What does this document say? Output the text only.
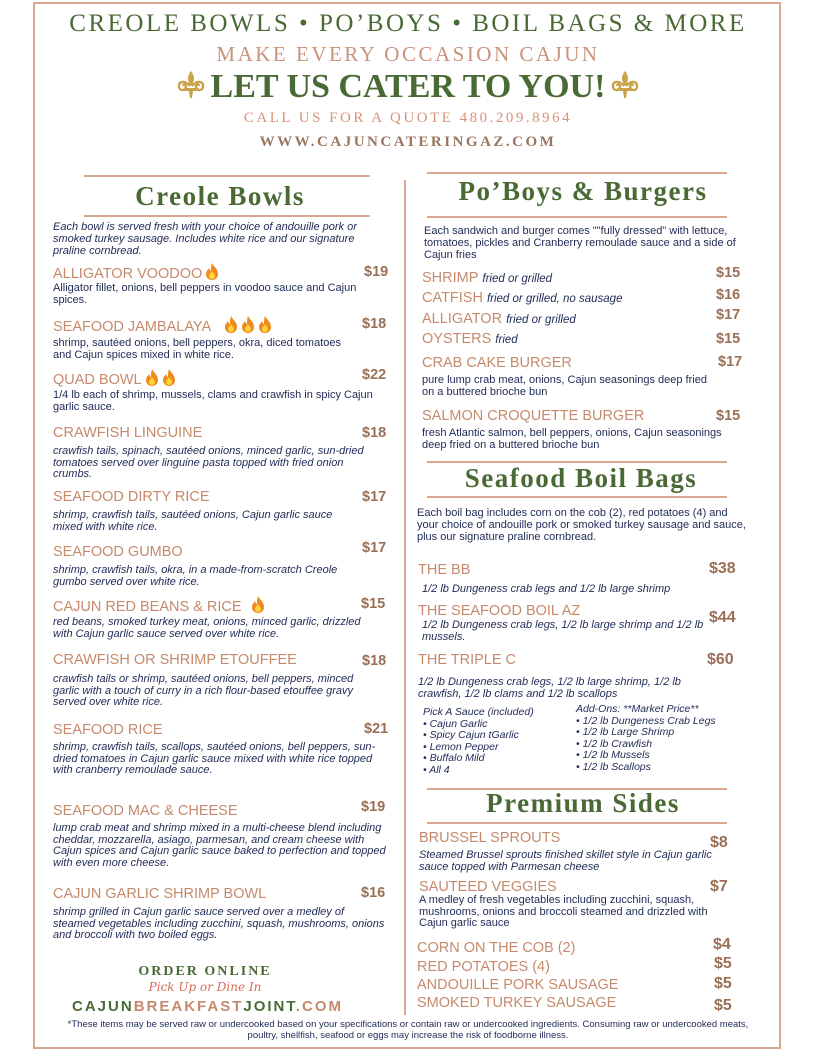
CREOLE BOWLS • PO’BOYS • BOIL BAGS & MORE
MAKE EVERY OCCASION CAJUN
LET US CATER TO YOU!
CALL US FOR A QUOTE 480.209.8964
WWW.CAJUNCATERINGAZ.COM
Creole Bowls
Each bowl is served fresh with your choice of andouille pork or smoked turkey sausage. Includes white rice and our signature praline cornbread.
ALLIGATOR VOODOO	$19
Alligator fillet, onions, bell peppers in voodoo sauce and Cajun spices.
SEAFOOD JAMBALAYA	$18
shrimp, sautéed onions, bell peppers, okra, diced tomatoes and Cajun spices mixed in white rice.
QUAD BOWL	$22
1/4 lb each of shrimp, mussels, clams and crawfish in spicy Cajun garlic sauce.
CRAWFISH LINGUINE	$18
crawfish tails, spinach, sautéed onions, minced garlic, sun-dried tomatoes served over linguine pasta topped with fried onion crumbs.
SEAFOOD DIRTY RICE	$17
shrimp, crawfish tails, sautéed onions, Cajun garlic sauce mixed with white rice.
SEAFOOD GUMBO	$17
shrimp, crawfish tails, okra, in a made-from-scratch Creole gumbo served over white rice.
CAJUN RED BEANS & RICE	$15
red beans, smoked turkey meat, onions, minced garlic, drizzled with Cajun garlic sauce served over white rice.
CRAWFISH OR SHRIMP ETOUFFEE	$18
crawfish tails or shrimp, sautéed onions, bell peppers, minced garlic with a touch of curry in a rich flour-based etouffee gravy served over white rice.
SEAFOOD RICE	$21
shrimp, crawfish tails, scallops, sautéed onions, bell peppers, sun-dried tomatoes in Cajun garlic sauce mixed with white rice topped with cranberry remoulade sauce.
SEAFOOD MAC & CHEESE	$19
lump crab meat and shrimp mixed in a multi-cheese blend including cheddar, mozzarella, asiago, parmesan, and cream cheese with Cajun spices and Cajun garlic sauce baked to perfection and topped with even more cheese.
CAJUN GARLIC SHRIMP BOWL	$16
shrimp grilled in Cajun garlic sauce served over a medley of steamed vegetables including zucchini, squash, mushrooms, onions and broccoli with two boiled eggs.
ORDER ONLINE
Pick Up or Dine In
CAJUNBREAKFASTJOINT.COM
Po’Boys & Burgers
Each sandwich and burger comes ""fully dressed" with lettuce, tomatoes, pickles and Cranberry remoulade sauce and a side of Cajun fries
SHRIMP fried or grilled	$15
CATFISH fried or grilled, no sausage	$16
ALLIGATOR fried or grilled	$17
OYSTERS fried	$15
CRAB CAKE BURGER	$17
pure lump crab meat, onions, Cajun seasonings deep fried on a buttered brioche bun
SALMON CROQUETTE BURGER	$15
fresh Atlantic salmon, bell peppers, onions, Cajun seasonings deep fried on a buttered brioche bun
Seafood Boil Bags
Each boil bag includes corn on the cob (2), red potatoes (4) and your choice of andouille pork or smoked turkey sausage and sauce, plus our signature praline cornbread.
THE BB	$38
1/2 lb Dungeness crab legs and 1/2 lb large shrimp
THE SEAFOOD BOIL AZ	$44
1/2 lb Dungeness crab legs, 1/2 lb large shrimp and 1/2 lb mussels.
THE TRIPLE C	$60
1/2 lb Dungeness crab legs, 1/2 lb large shrimp, 1/2 lb crawfish, 1/2 lb clams and 1/2 lb scallops
Pick A Sauce (included)
• Cajun Garlic
• Spicy Cajun tGarlic
• Lemon Pepper
• Buffalo Mild
• All 4
Add-Ons: **Market Price**
• 1/2 lb Dungeness Crab Legs
• 1/2 lb Large Shrimp
• 1/2 lb Crawfish
• 1/2 lb Mussels
• 1/2 lb Scallops
Premium Sides
BRUSSEL SPROUTS	$8
Steamed Brussel sprouts finished skillet style in Cajun garlic sauce topped with Parmesan cheese
SAUTEED VEGGIES	$7
A medley of fresh vegetables including zucchini, squash, mushrooms, onions and broccoli steamed and drizzled with Cajun garlic sauce
CORN ON THE COB (2)	$4
RED POTATOES (4)	$5
ANDOUILLE PORK SAUSAGE	$5
SMOKED TURKEY SAUSAGE	$5
*These items may be served raw or undercooked based on your specifications or contain raw or undercooked ingredients. Consuming raw or undercooked meats, poultry, shellfish, seafood or eggs may increase the risk of foodborne illness.
